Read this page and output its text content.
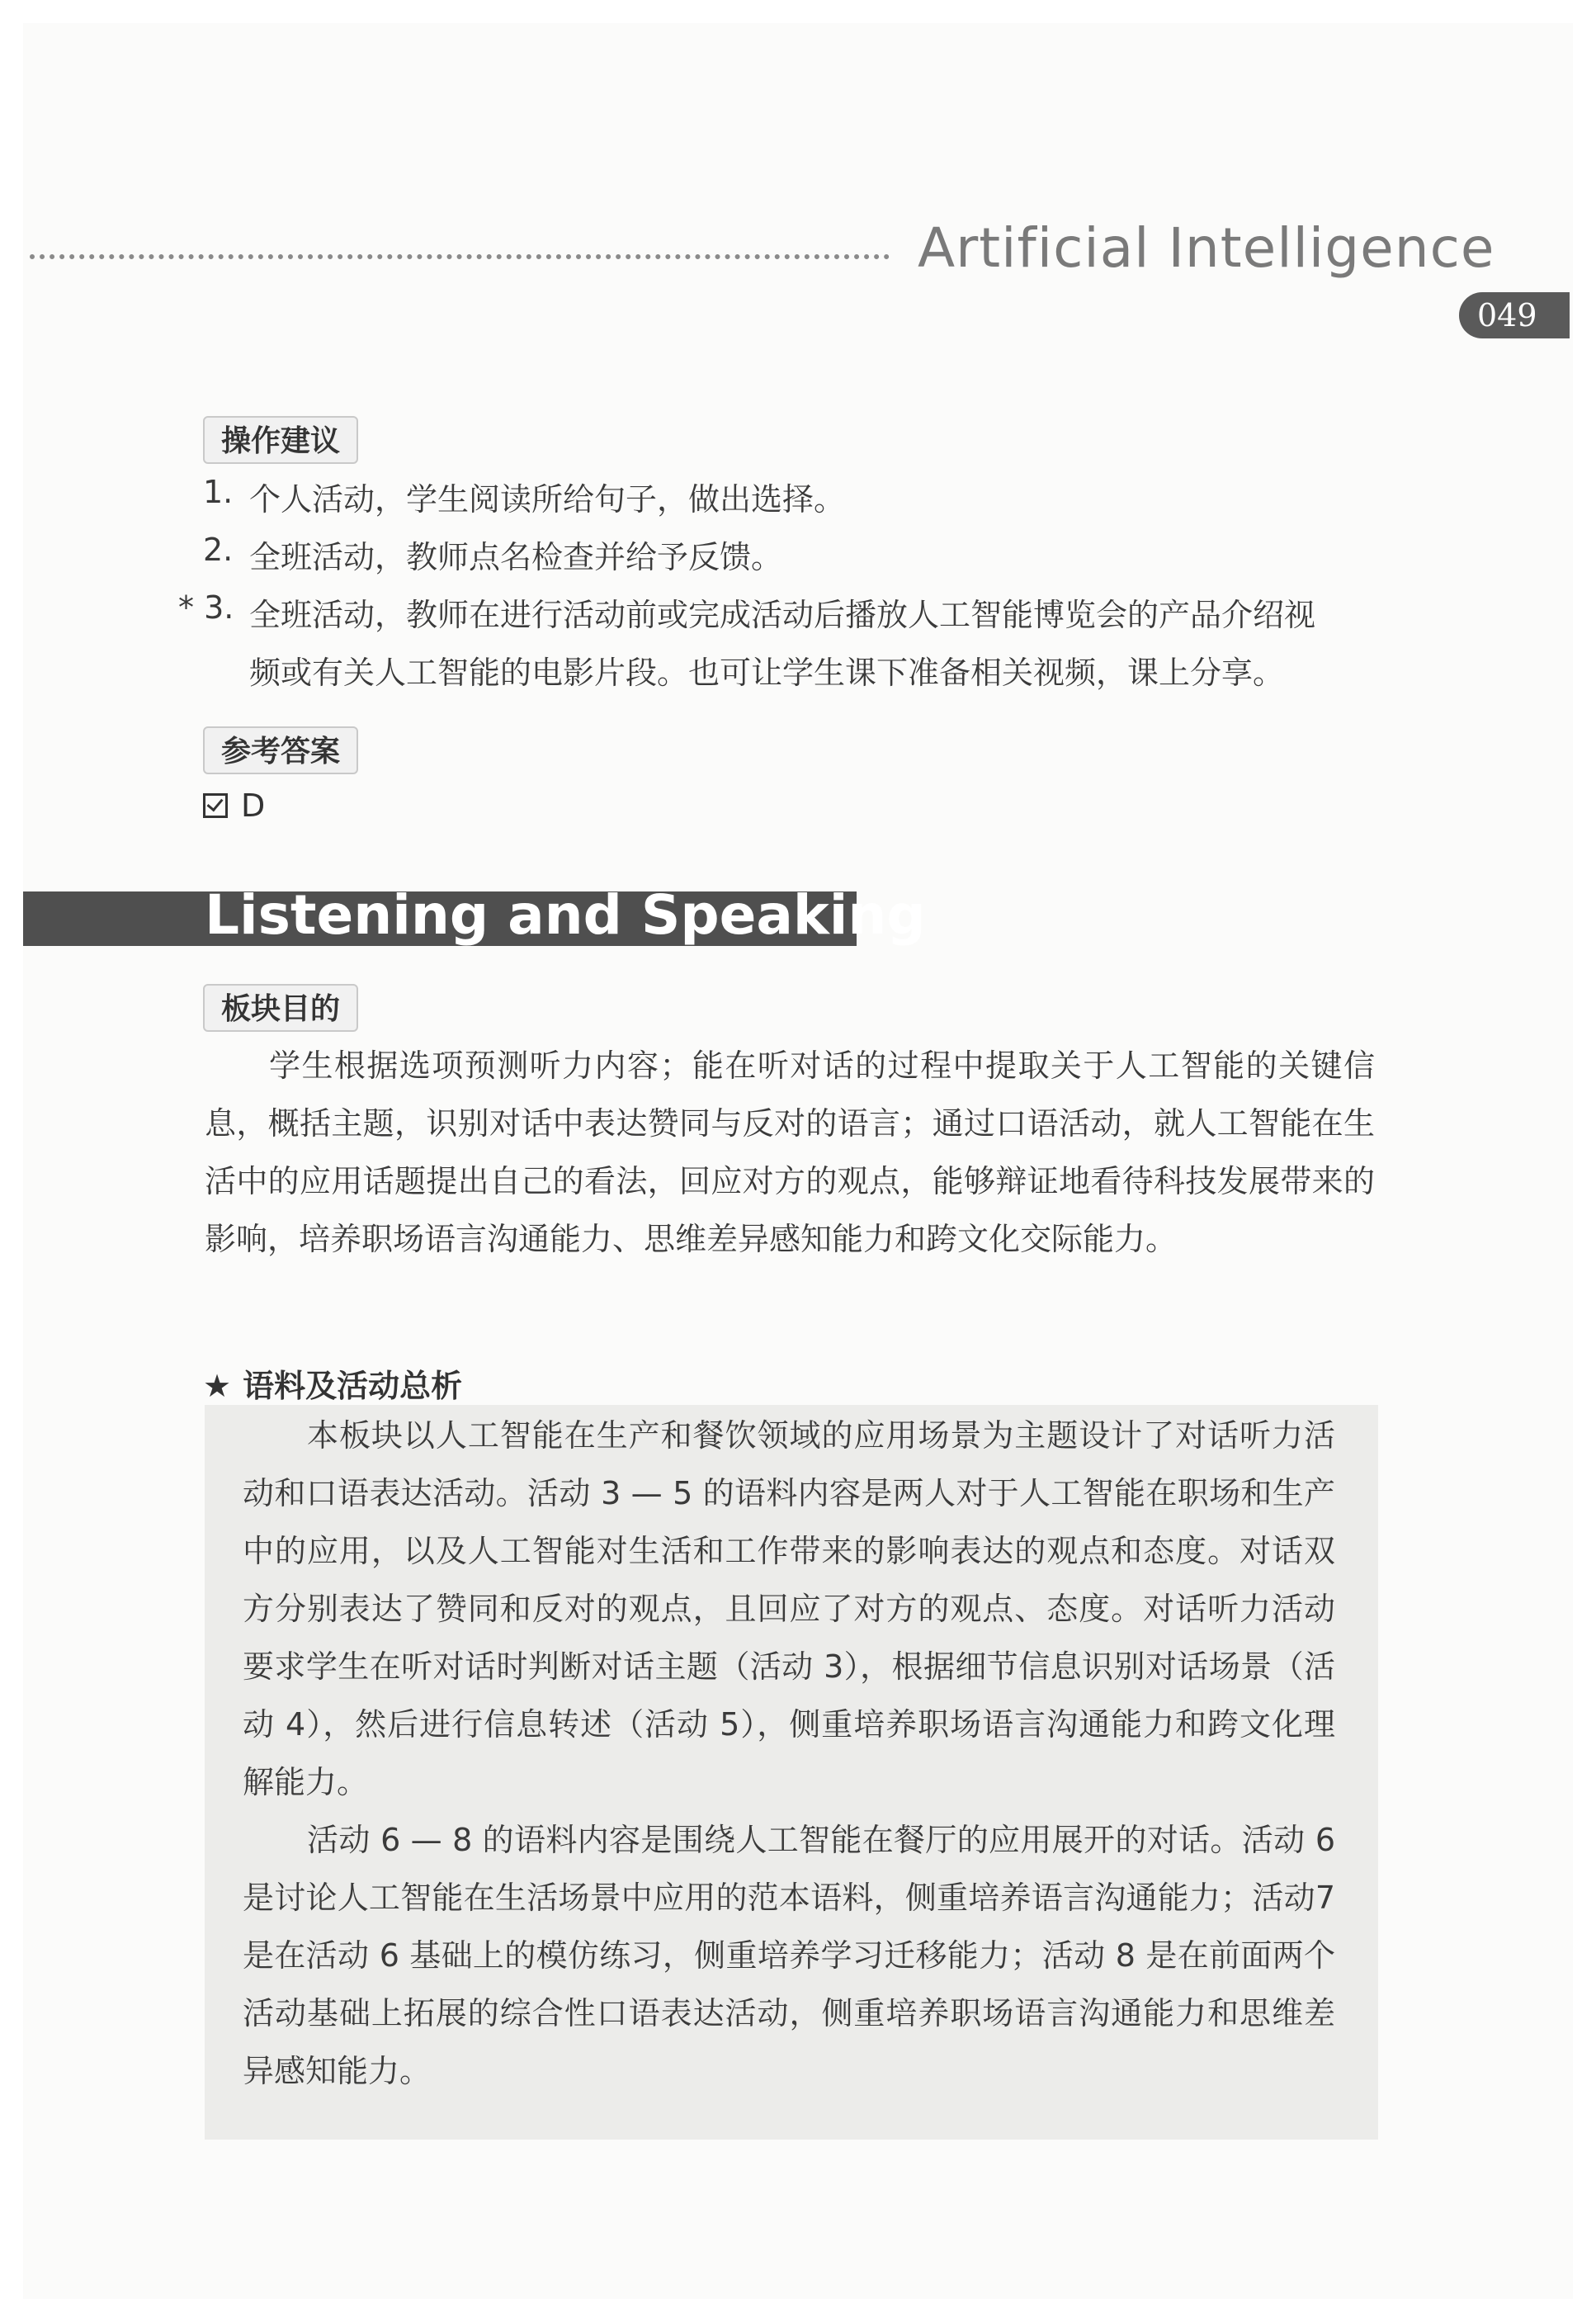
Artificial Intelligence
049
操作建议
1. 个人活动，学生阅读所给句子，做出选择。
2. 全班活动，教师点名检查并给予反馈。
* 3. 全班活动，教师在进行活动前或完成活动后播放人工智能博览会的产品介绍视
频或有关人工智能的电影片段。也可让学生课下准备相关视频，课上分享。
参考答案
D
Listening and Speaking
板块目的

学生根据选项预测听力内容；能在听对话的过程中提取关于人工智能的关键信息，概括主题，识别对话中表达赞同与反对的语言；通过口语活动，就人工智能在生活中的应用话题提出自己的看法，回应对方的观点，能够辩证地看待科技发展带来的影响，培养职场语言沟通能力、思维差异感知能力和跨文化交际能力。

★ 语料及活动总析

本板块以人工智能在生产和餐饮领域的应用场景为主题设计了对话听力活动和口语表达活动。活动 3 — 5 的语料内容是两人对于人工智能在职场和生产中的应用，以及人工智能对生活和工作带来的影响表达的观点和态度。对话双方分别表达了赞同和反对的观点，且回应了对方的观点、态度。对话听力活动要求学生在听对话时判断对话主题（活动 3），根据细节信息识别对话场景（活动 4），然后进行信息转述（活动 5），侧重培养职场语言沟通能力和跨文化理解能力。

活动 6 — 8 的语料内容是围绕人工智能在餐厅的应用展开的对话。活动 6 是讨论人工智能在生活场景中应用的范本语料，侧重培养语言沟通能力；活动7是在活动 6 基础上的模仿练习，侧重培养学习迁移能力；活动 8 是在前面两个活动基础上拓展的综合性口语表达活动，侧重培养职场语言沟通能力和思维差异感知能力。
